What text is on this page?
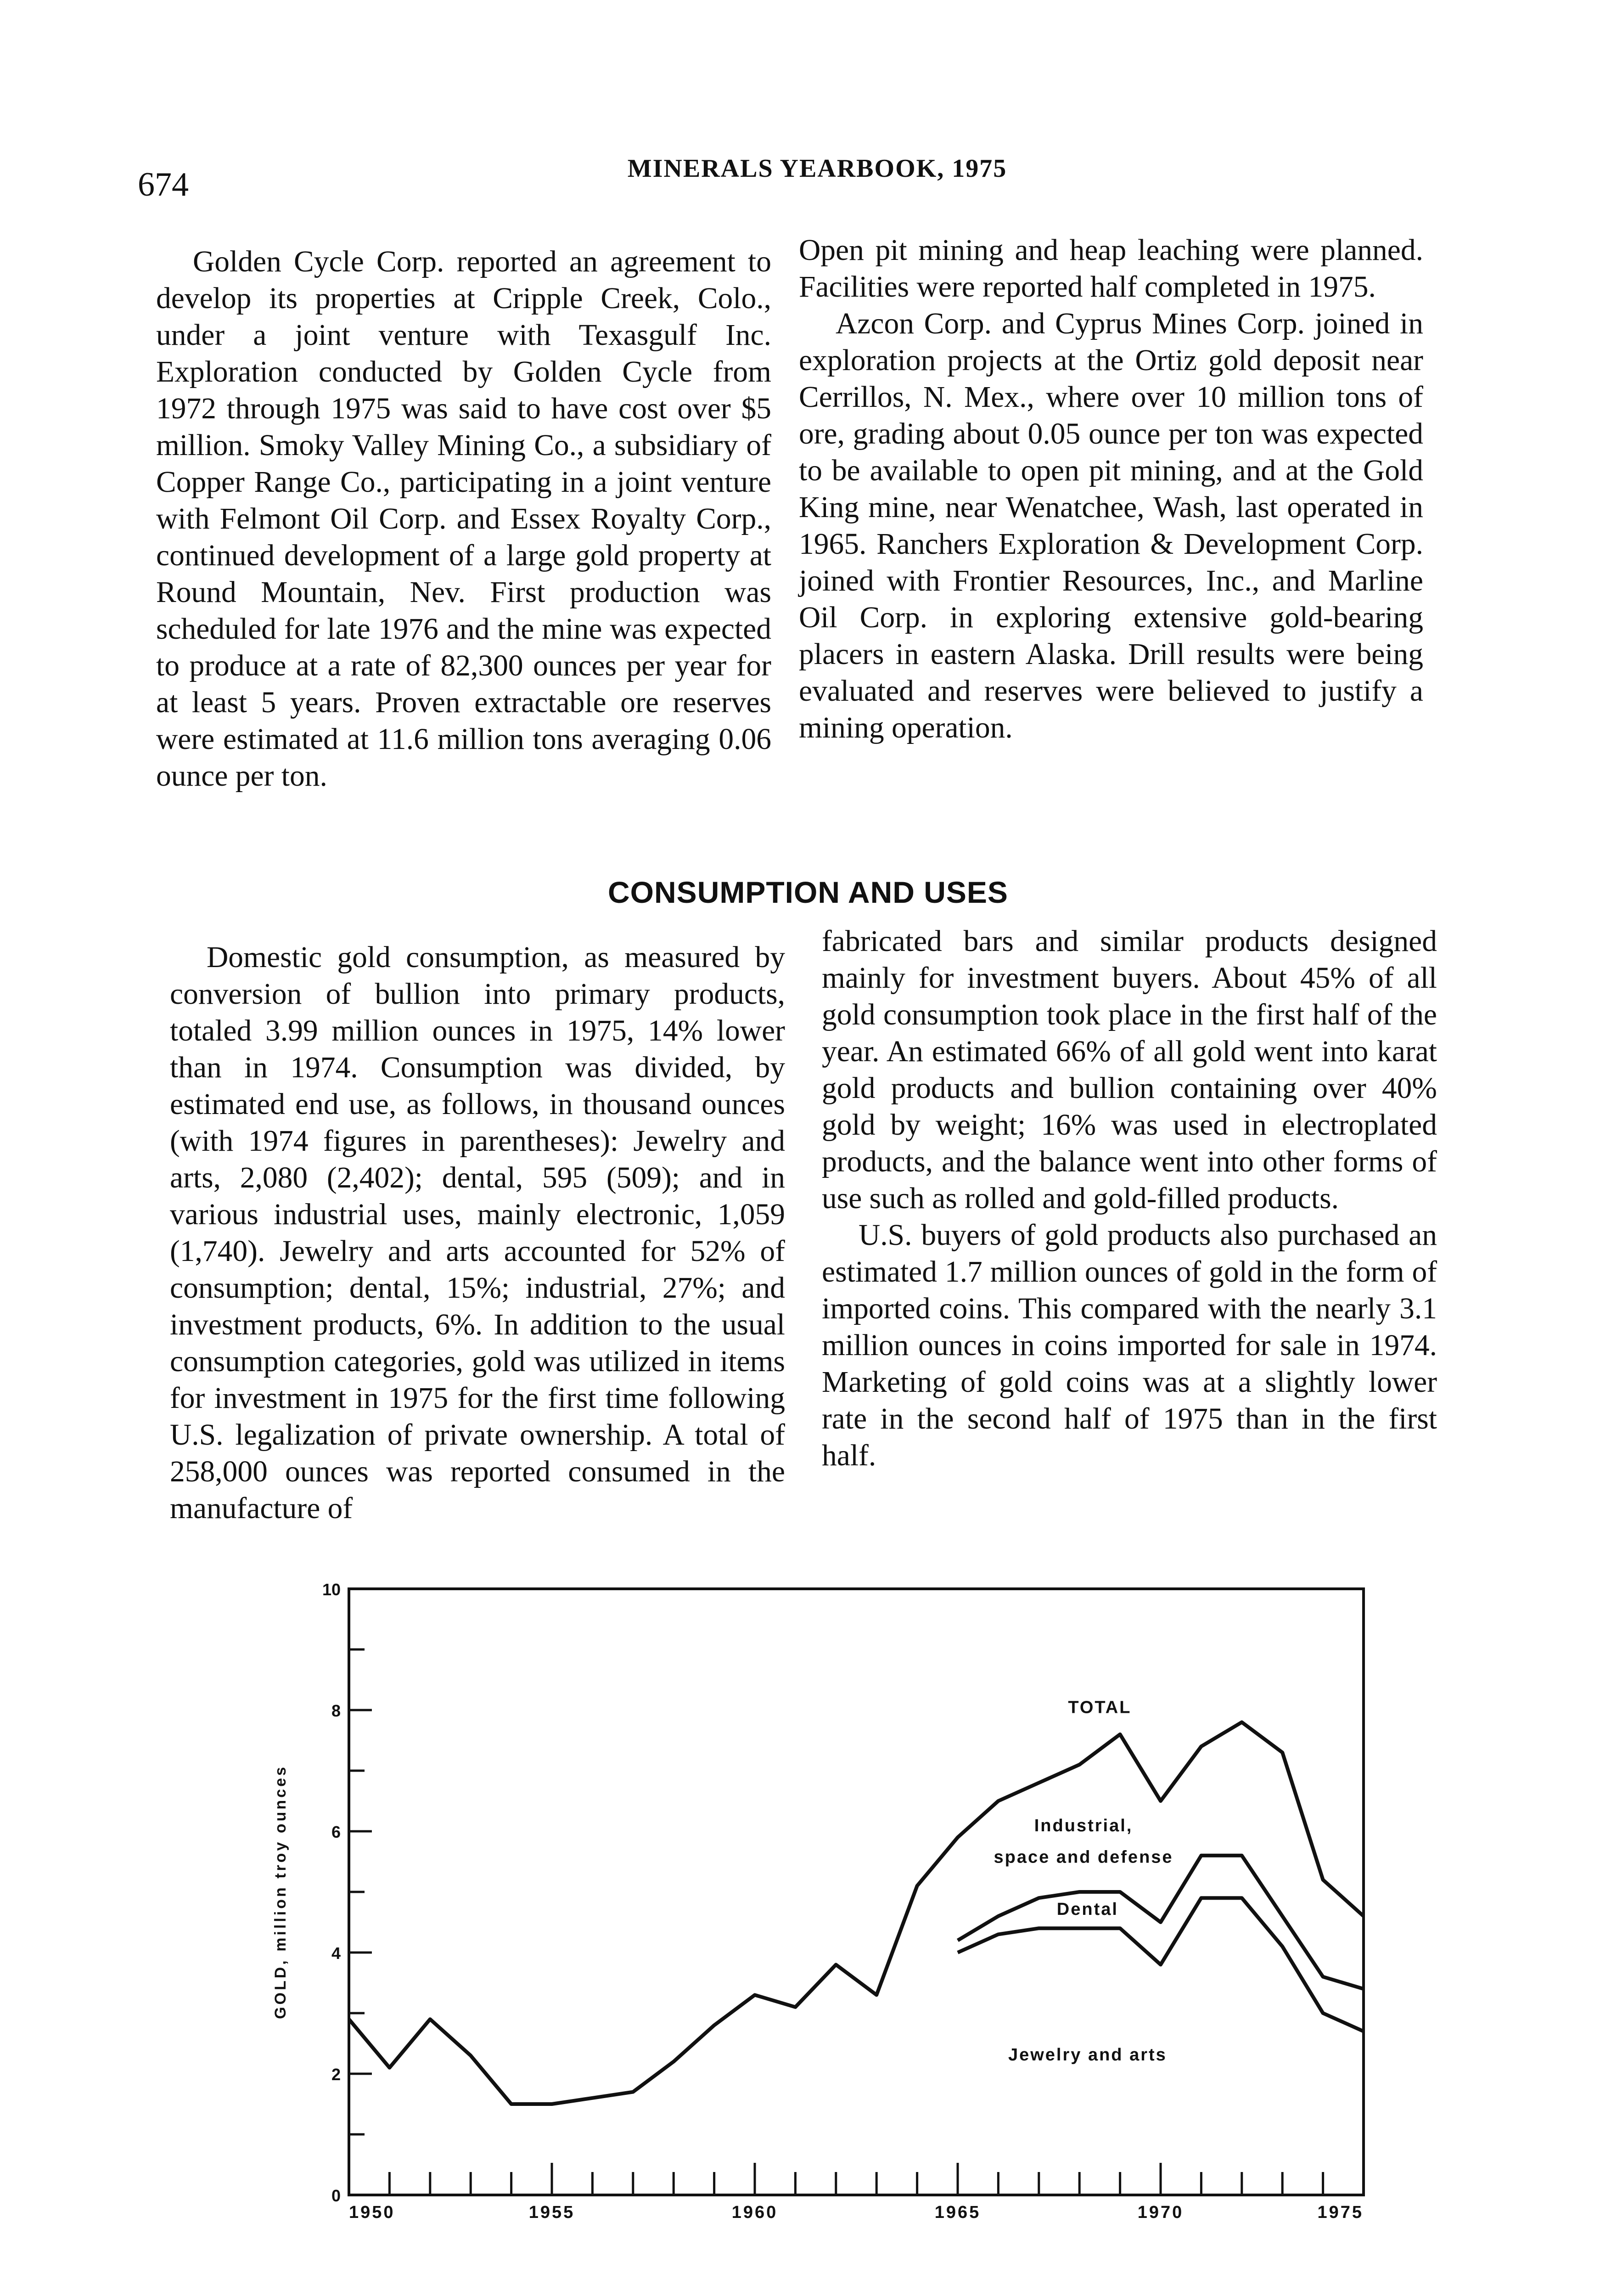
674	MINERALS YEARBOOK, 1975

Golden Cycle Corp. reported an agreement to develop its properties at Cripple Creek, Colo., under a joint venture with Texasgulf Inc. Exploration conducted by Golden Cycle from 1972 through 1975 was said to have cost over $5 million. Smoky Valley Mining Co., a subsidiary of Copper Range Co., participating in a joint venture with Felmont Oil Corp. and Essex Royalty Corp., continued development of a large gold property at Round Mountain, Nev. First production was scheduled for late 1976 and the mine was expected to produce at a rate of 82,300 ounces per year for at least 5 years. Proven extractable ore reserves were estimated at 11.6 million tons averaging 0.06 ounce per ton.

Open pit mining and heap leaching were planned. Facilities were reported half completed in 1975.

Azcon Corp. and Cyprus Mines Corp. joined in exploration projects at the Ortiz gold deposit near Cerrillos, N. Mex., where over 10 million tons of ore, grading about 0.05 ounce per ton was expected to be available to open pit mining, and at the Gold King mine, near Wenatchee, Wash, last operated in 1965. Ranchers Exploration & Development Corp. joined with Frontier Resources, Inc., and Marline Oil Corp. in exploring extensive gold-bearing placers in eastern Alaska. Drill results were being evaluated and reserves were believed to justify a mining operation.

CONSUMPTION AND USES

Domestic gold consumption, as measured by conversion of bullion into primary products, totaled 3.99 million ounces in 1975, 14% lower than in 1974. Consumption was divided, by estimated end use, as follows, in thousand ounces (with 1974 figures in parentheses): Jewelry and arts, 2,080 (2,402); dental, 595 (509); and in various industrial uses, mainly electronic, 1,059 (1,740). Jewelry and arts accounted for 52% of consumption; dental, 15%; industrial, 27%; and investment products, 6%. In addition to the usual consumption categories, gold was utilized in items for investment in 1975 for the first time following U.S. legalization of private ownership. A total of 258,000 ounces was reported consumed in the manufacture of

fabricated bars and similar products designed mainly for investment buyers. About 45% of all gold consumption took place in the first half of the year. An estimated 66% of all gold went into karat gold products and bullion containing over 40% gold by weight; 16% was used in electroplated products, and the balance went into other forms of use such as rolled and gold-filled products.

U.S. buyers of gold products also purchased an estimated 1.7 million ounces of gold in the form of imported coins. This compared with the nearly 3.1 million ounces in coins imported for sale in 1974. Marketing of gold coins was at a slightly lower rate in the second half of 1975 than in the first half.

0
2
4
6
8
10
1950	1955	1960	1965	1970	1975
TOTAL
Industrial,
space and defense
Dental
Jewelry and arts
GOLD, million troy ounces
